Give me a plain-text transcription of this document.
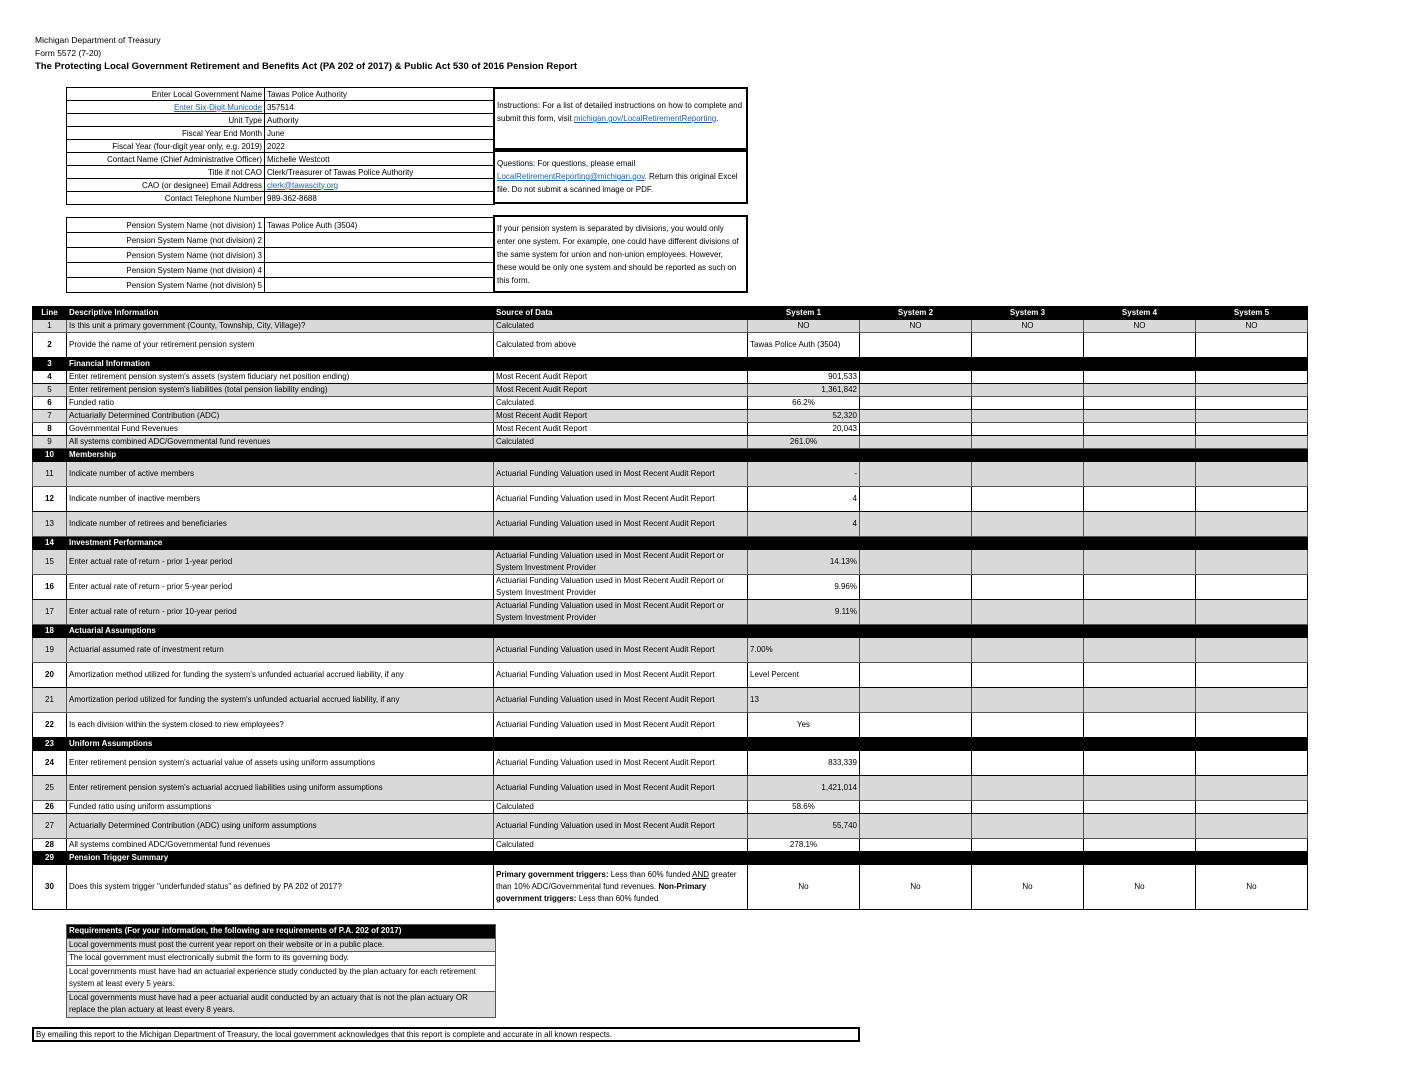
Michigan Department of Treasury
Form 5572 (7-20)
The Protecting Local Government Retirement and Benefits Act (PA 202 of 2017) & Public Act 530 of 2016 Pension Report
Enter Local Government Name	Tawas Police Authority
Enter Six-Digit Municode	357514
Unit Type	Authority
Fiscal Year End Month	June
Fiscal Year (four-digit year only, e.g. 2019)	2022
Contact Name (Chief Administrative Officer)	Michelle Westcott
Title if not CAO	Clerk/Treasurer of Tawas Police Authority
CAO (or designee) Email Address	clerk@tawascity.org
Contact Telephone Number	989-362-8688
Instructions: For a list of detailed instructions on how to complete and submit this form, visit michigan.gov/LocalRetirementReporting.
Questions: For questions, please email LocalRetirementReporting@michigan.gov. Return this original Excel file. Do not submit a scanned image or PDF.
Pension System Name (not division) 1	Tawas Police Auth (3504)
Pension System Name (not division) 2	
Pension System Name (not division) 3	
Pension System Name (not division) 4	
Pension System Name (not division) 5	
If your pension system is separated by divisions, you would only enter one system. For example, one could have different divisions of the same system for union and non-union employees. However, these would be only one system and should be reported as such on this form.
Line	Descriptive Information	Source of Data	System 1	System 2	System 3	System 4	System 5
1	Is this unit a primary government (County, Township, City, Village)?	Calculated	NO	NO	NO	NO	NO
2	Provide the name of your retirement pension system	Calculated from above	Tawas Police Auth (3504)				
3	Financial Information						
4	Enter retirement pension system's assets (system fiduciary net position ending)	Most Recent Audit Report	901,533				
5	Enter retirement pension system's liabilities (total pension liability ending)	Most Recent Audit Report	1,361,842				
6	Funded ratio	Calculated	66.2%				
7	Actuarially Determined Contribution (ADC)	Most Recent Audit Report	52,320				
8	Governmental Fund Revenues	Most Recent Audit Report	20,043				
9	All systems combined ADC/Governmental fund revenues	Calculated	261.0%				
10	Membership						
11	Indicate number of active members	Actuarial Funding Valuation used in Most Recent Audit Report	-				
12	Indicate number of inactive members	Actuarial Funding Valuation used in Most Recent Audit Report	4				
13	Indicate number of retirees and beneficiaries	Actuarial Funding Valuation used in Most Recent Audit Report	4				
14	Investment Performance						
15	Enter actual rate of return - prior 1-year period	Actuarial Funding Valuation used in Most Recent Audit Report or System Investment Provider	14.13%				
16	Enter actual rate of return - prior 5-year period	Actuarial Funding Valuation used in Most Recent Audit Report or System Investment Provider	9.96%				
17	Enter actual rate of return - prior 10-year period	Actuarial Funding Valuation used in Most Recent Audit Report or System Investment Provider	9.11%				
18	Actuarial Assumptions						
19	Actuarial assumed rate of investment return	Actuarial Funding Valuation used in Most Recent Audit Report	7.00%				
20	Amortization method utilized for funding the system's unfunded actuarial accrued liability, if any	Actuarial Funding Valuation used in Most Recent Audit Report	Level Percent				
21	Amortization period utilized for funding the system's unfunded actuarial accrued liability, if any	Actuarial Funding Valuation used in Most Recent Audit Report	13				
22	Is each division within the system closed to new employees?	Actuarial Funding Valuation used in Most Recent Audit Report	Yes				
23	Uniform Assumptions						
24	Enter retirement pension system's actuarial value of assets using uniform assumptions	Actuarial Funding Valuation used in Most Recent Audit Report	833,339				
25	Enter retirement pension system's actuarial accrued liabilities using uniform assumptions	Actuarial Funding Valuation used in Most Recent Audit Report	1,421,014				
26	Funded ratio using uniform assumptions	Calculated	58.6%				
27	Actuarially Determined Contribution (ADC) using uniform assumptions	Actuarial Funding Valuation used in Most Recent Audit Report	55,740				
28	All systems combined ADC/Governmental fund revenues	Calculated	278.1%				
29	Pension Trigger Summary						
30	Does this system trigger "underfunded status" as defined by PA 202 of 2017?	Primary government triggers: Less than 60% funded AND greater than 10% ADC/Governmental fund revenues. Non-Primary government triggers: Less than 60% funded	No	No	No	No	No
Requirements (For your information, the following are requirements of P.A. 202 of 2017)
Local governments must post the current year report on their website or in a public place.
The local government must electronically submit the form to its governing body.
Local governments must have had an actuarial experience study conducted by the plan actuary for each retirement system at least every 5 years.
Local governments must have had a peer actuarial audit conducted by an actuary that is not the plan actuary OR replace the plan actuary at least every 8 years.
By emailing this report to the Michigan Department of Treasury, the local government acknowledges that this report is complete and accurate in all known respects.
